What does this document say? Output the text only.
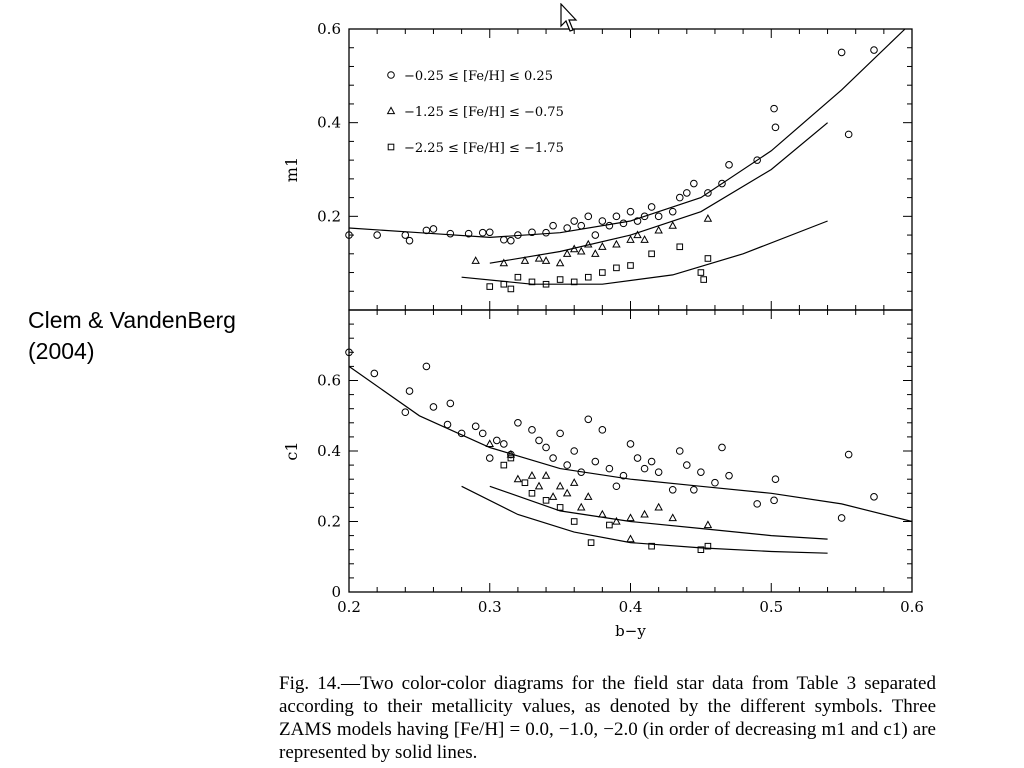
Clem & VandenBerg
(2004)
0.2
0.4
0.6
m1
0
0.2
0.4
0.6
0.2	0.3	0.4	0.5	0.6
b−y
c1
−0.25 ≤ [Fe/H] ≤ 0.25
−1.25 ≤ [Fe/H] ≤ −0.75
−2.25 ≤ [Fe/H] ≤ −1.75

Fig. 14.—Two color-color diagrams for the field star data from Table 3 separated according to their metallicity values, as denoted by the different symbols. Three ZAMS models having [Fe/H] = 0.0, −1.0, −2.0 (in order of decreasing m1 and c1) are represented by solid lines.
